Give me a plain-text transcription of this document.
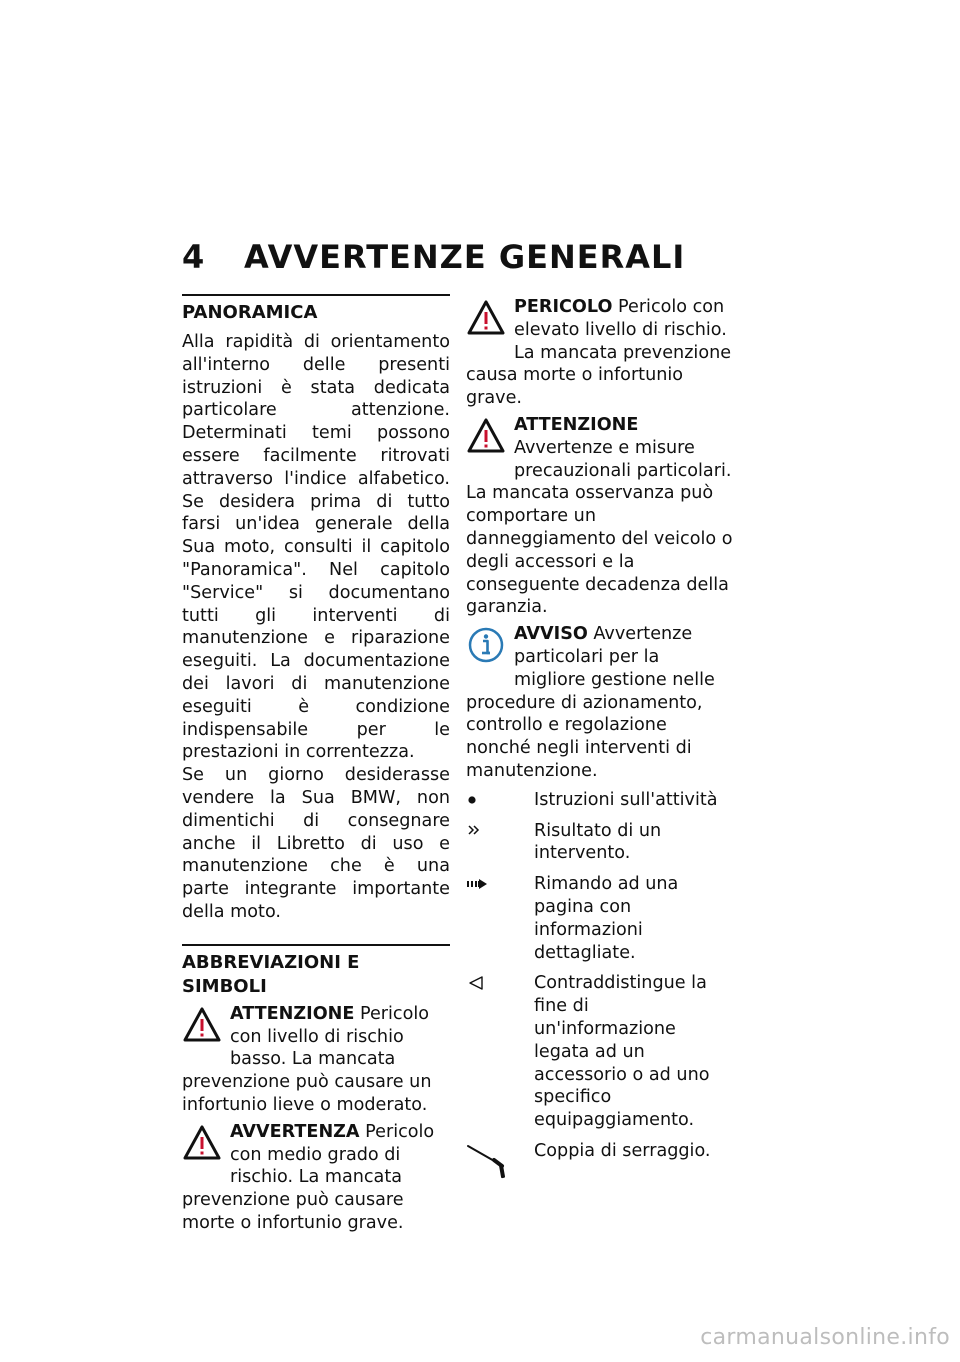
4 AVVERTENZE GENERALI
PANORAMICA

Alla rapidità di orientamento all'interno delle presenti istruzioni è stata dedicata particolare attenzione. Determinati temi possono essere facilmente ritrovati attraverso l'indice alfabetico. Se desidera prima di tutto farsi un'idea generale della Sua moto, consulti il capitolo "Panoramica". Nel capitolo "Service" si documentano tutti gli interventi di manutenzione e riparazione eseguiti. La documentazione dei lavori di manutenzione eseguiti è condizione indispensabile per le prestazioni in correntezza.

Se un giorno desiderasse vendere la Sua BMW, non dimentichi di consegnare anche il Libretto di uso e manutenzione che è una parte integrante importante della moto.

ABBREVIAZIONI E SIMBOLI

ATTENZIONE Pericolo con livello di rischio basso. La mancata prevenzione può causare un infortunio lieve o moderato.

AVVERTENZA Pericolo con medio grado di rischio. La mancata prevenzione può causare morte o infortunio grave.

PERICOLO Pericolo con elevato livello di rischio. La mancata prevenzione causa morte o infortunio grave.

ATTENZIONE Avvertenze e misure precauzionali particolari. La mancata osservanza può comportare un danneggiamento del veicolo o degli accessori e la conseguente decadenza della garanzia.

AVVISO Avvertenze particolari per la migliore gestione nelle procedure di azionamento, controllo e regolazione nonché negli interventi di manutenzione.

Istruzioni sull'attività
Risultato di un intervento.
Rimando ad una pagina con informazioni dettagliate.
Contraddistingue la fine di un'informazione legata ad un accessorio o ad uno specifico equipaggiamento.
Coppia di serraggio.
carmanualsonline.info
